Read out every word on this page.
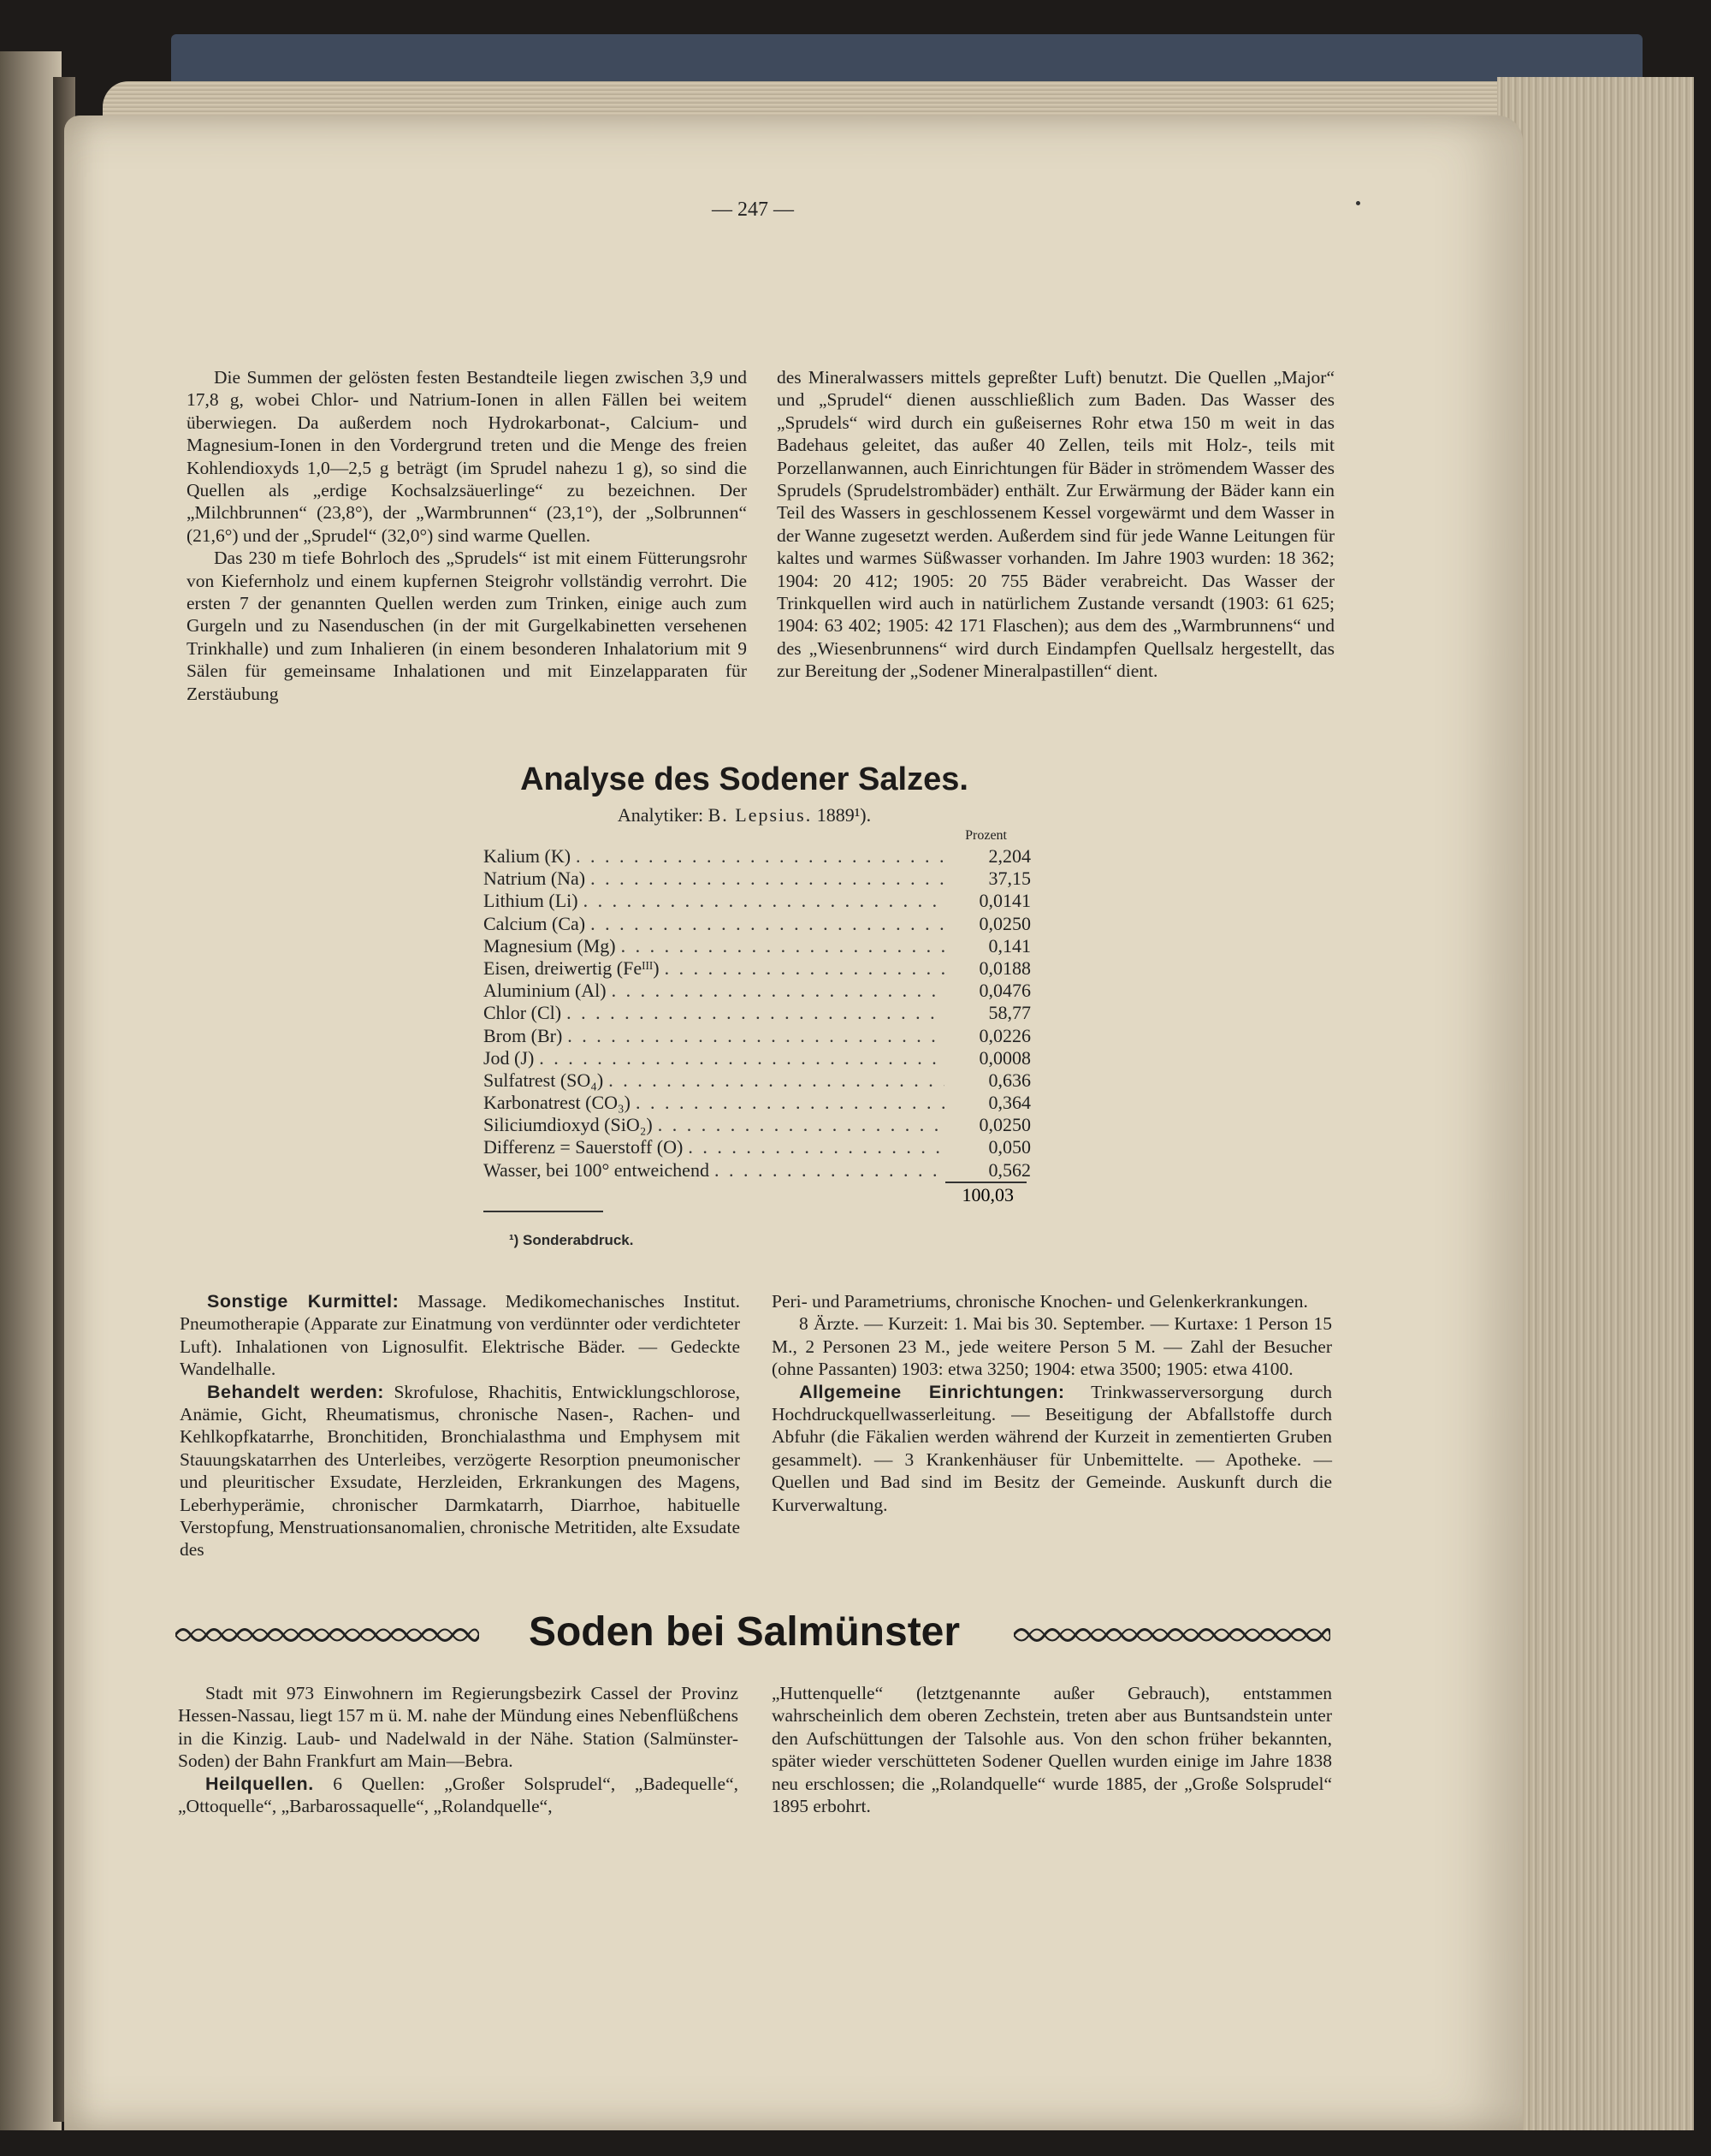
— 247 —

Die Summen der gelösten festen Bestandteile liegen zwischen 3,9 und 17,8 g, wobei Chlor- und Natrium-Ionen in allen Fällen bei weitem überwiegen. Da außerdem noch Hydrokarbonat-, Calcium- und Magnesium-Ionen in den Vordergrund treten und die Menge des freien Kohlendioxyds 1,0—2,5 g beträgt (im Sprudel nahezu 1 g), so sind die Quellen als „erdige Kochsalzsäuerlinge“ zu bezeichnen. Der „Milchbrunnen“ (23,8°), der „Warmbrunnen“ (23,1°), der „Solbrunnen“ (21,6°) und der „Sprudel“ (32,0°) sind warme Quellen.

Das 230 m tiefe Bohrloch des „Sprudels“ ist mit einem Fütterungsrohr von Kiefernholz und einem kupfernen Steigrohr vollständig verrohrt. Die ersten 7 der genannten Quellen werden zum Trinken, einige auch zum Gurgeln und zu Nasenduschen (in der mit Gurgelkabinetten versehenen Trinkhalle) und zum Inhalieren (in einem besonderen Inhalatorium mit 9 Sälen für gemeinsame Inhalationen und mit Einzelapparaten für Zerstäubung

des Mineralwassers mittels gepreßter Luft) benutzt. Die Quellen „Major“ und „Sprudel“ dienen ausschließlich zum Baden. Das Wasser des „Sprudels“ wird durch ein gußeisernes Rohr etwa 150 m weit in das Badehaus geleitet, das außer 40 Zellen, teils mit Holz-, teils mit Porzellanwannen, auch Einrichtungen für Bäder in strömendem Wasser des Sprudels (Sprudelstrombäder) enthält. Zur Erwärmung der Bäder kann ein Teil des Wassers in geschlossenem Kessel vorgewärmt und dem Wasser in der Wanne zugesetzt werden. Außerdem sind für jede Wanne Leitungen für kaltes und warmes Süßwasser vorhanden. Im Jahre 1903 wurden: 18 362; 1904: 20 412; 1905: 20 755 Bäder verabreicht. Das Wasser der Trinkquellen wird auch in natürlichem Zustande versandt (1903: 61 625; 1904: 63 402; 1905: 42 171 Flaschen); aus dem des „Warmbrunnens“ und des „Wiesenbrunnens“ wird durch Eindampfen Quellsalz hergestellt, das zur Bereitung der „Sodener Mineralpastillen“ dient.

Analyse des Sodener Salzes.
Analytiker: B. Lepsius. 1889¹).
Prozent
Kalium (K) . . .	2,204
Natrium (Na) . . .	37,15
Lithium (Li) . . .	0,0141
Calcium (Ca) . . .	0,0250
Magnesium (Mg) . . .	0,141
Eisen, dreiwertig (Feᴵᴵᴵ) . . .	0,0188
Aluminium (Al) . . .	0,0476
Chlor (Cl) . . .	58,77
Brom (Br) . . .	0,0226
Jod (J) . . .	0,0008
Sulfatrest (SO₄) . . .	0,636
Karbonatrest (CO₃) . . .	0,364
Siliciumdioxyd (SiO₂) . . .	0,0250
Differenz = Sauerstoff (O) . . .	0,050
Wasser, bei 100° entweichend . . .	0,562
100,03
¹) Sonderabdruck.

Sonstige Kurmittel: Massage. Medikomechanisches Institut. Pneumotherapie (Apparate zur Einatmung von verdünnter oder verdichteter Luft). Inhalationen von Lignosulfit. Elektrische Bäder. — Gedeckte Wandelhalle.

Behandelt werden: Skrofulose, Rhachitis, Entwicklungschlorose, Anämie, Gicht, Rheumatismus, chronische Nasen-, Rachen- und Kehlkopfkatarrhe, Bronchitiden, Bronchialasthma und Emphysem mit Stauungskatarrhen des Unterleibes, verzögerte Resorption pneumonischer und pleuritischer Exsudate, Herzleiden, Erkrankungen des Magens, Leberhyperämie, chronischer Darmkatarrh, Diarrhoe, habituelle Verstopfung, Menstruationsanomalien, chronische Metritiden, alte Exsudate des

Peri- und Parametriums, chronische Knochen- und Gelenkerkrankungen.

8 Ärzte. — Kurzeit: 1. Mai bis 30. September. — Kurtaxe: 1 Person 15 M., 2 Personen 23 M., jede weitere Person 5 M. — Zahl der Besucher (ohne Passanten) 1903: etwa 3250; 1904: etwa 3500; 1905: etwa 4100.

Allgemeine Einrichtungen: Trinkwasserversorgung durch Hochdruckquellwasserleitung. — Beseitigung der Abfallstoffe durch Abfuhr (die Fäkalien werden während der Kurzeit in zementierten Gruben gesammelt). — 3 Krankenhäuser für Unbemittelte. — Apotheke. — Quellen und Bad sind im Besitz der Gemeinde. Auskunft durch die Kurverwaltung.

Soden bei Salmünster

Stadt mit 973 Einwohnern im Regierungsbezirk Cassel der Provinz Hessen-Nassau, liegt 157 m ü. M. nahe der Mündung eines Nebenflüßchens in die Kinzig. Laub- und Nadelwald in der Nähe. Station (Salmünster-Soden) der Bahn Frankfurt am Main—Bebra.

Heilquellen. 6 Quellen: „Großer Solsprudel“, „Badequelle“, „Ottoquelle“, „Barbarossaquelle“, „Rolandquelle“,

„Huttenquelle“ (letztgenannte außer Gebrauch), entstammen wahrscheinlich dem oberen Zechstein, treten aber aus Buntsandstein unter den Aufschüttungen der Talsohle aus. Von den schon früher bekannten, später wieder verschütteten Sodener Quellen wurden einige im Jahre 1838 neu erschlossen; die „Rolandquelle“ wurde 1885, der „Große Solsprudel“ 1895 erbohrt.
